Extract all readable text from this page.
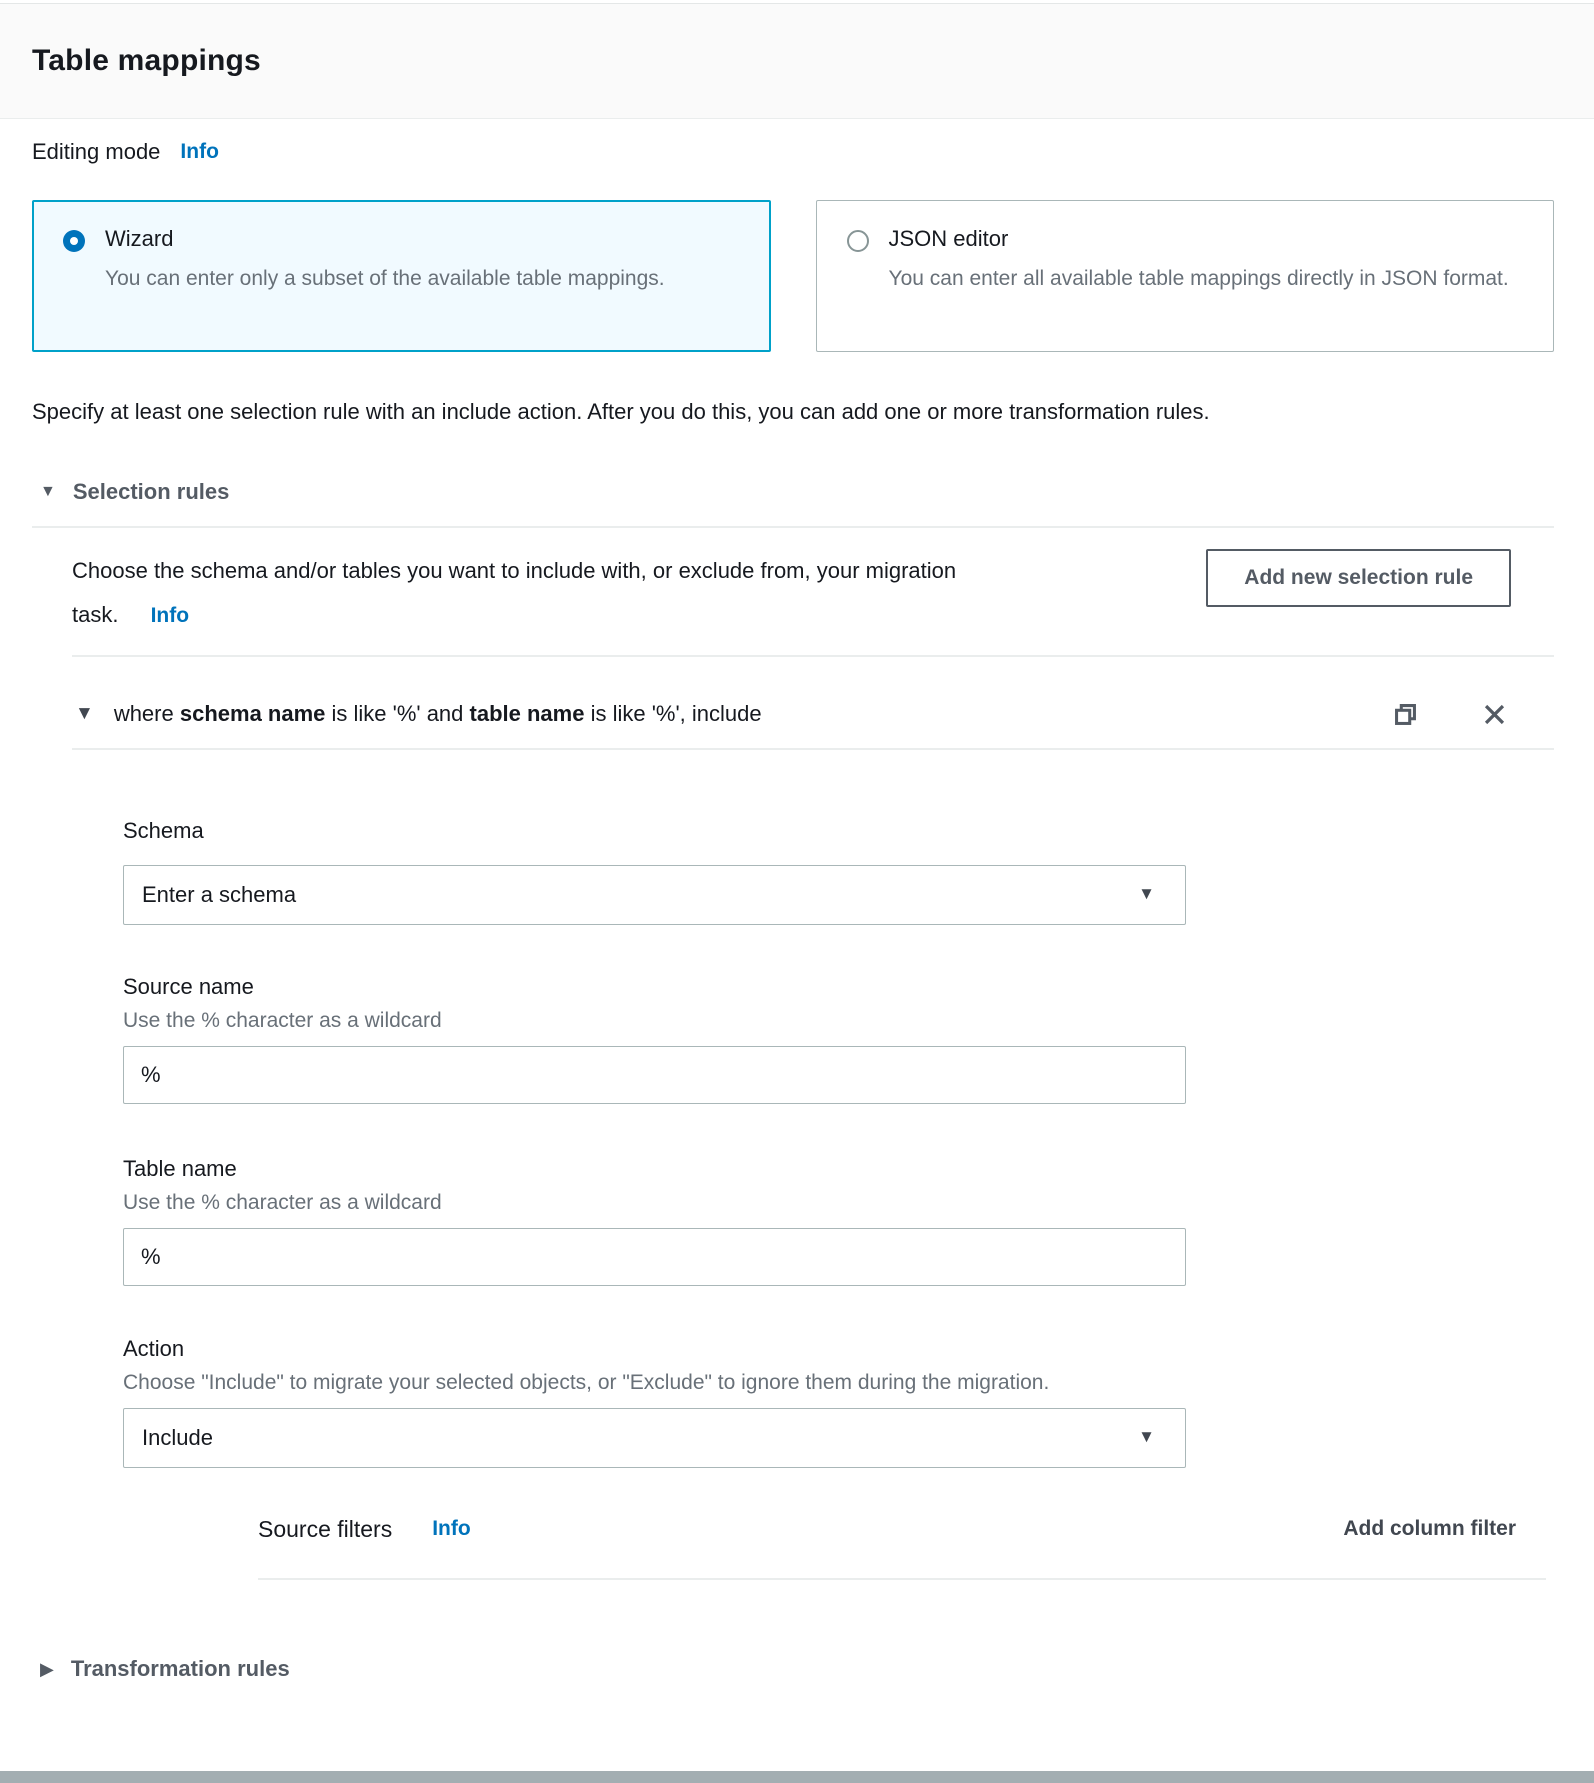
Table mappings
Editing mode Info
Wizard
You can enter only a subset of the available table mappings.
JSON editor
You can enter all available table mappings directly in JSON format.

Specify at least one selection rule with an include action. After you do this, you can add one or more transformation rules.

▼ Selection rules
Choose the schema and/or tables you want to include with, or exclude from, your migration task. Info
Add new selection rule
▼ where schema name is like '%' and table name is like '%', include
Schema
Enter a schema	▼
Source name
Use the % character as a wildcard
%
Table name
Use the % character as a wildcard
%
Action
Choose "Include" to migrate your selected objects, or "Exclude" to ignore them during the migration.
Include	▼
Source filters Info	Add column filter
▶ Transformation rules
